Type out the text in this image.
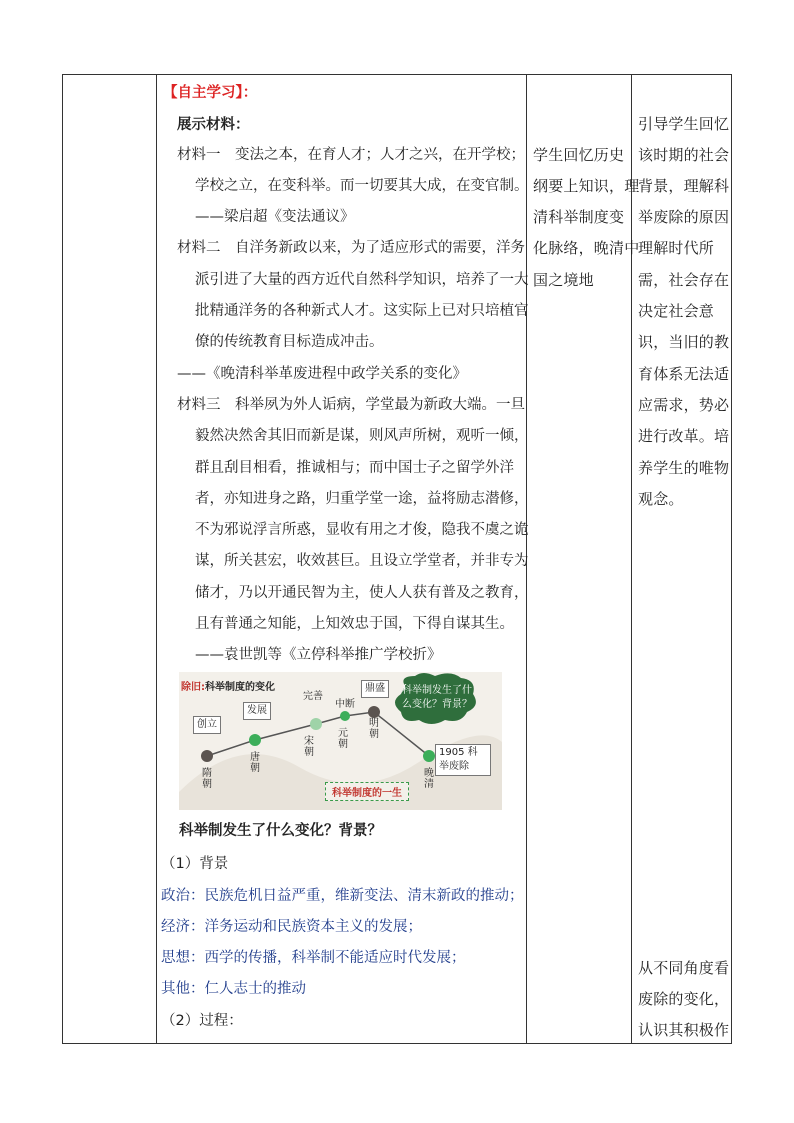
【自主学习】：
展示材料：
材料一　变法之本，在育人才；人才之兴，在开学校；
学校之立，在变科举。而一切要其大成，在变官制。
——梁启超《变法通议》
材料二　自洋务新政以来，为了适应形式的需要，洋务
派引进了大量的西方近代自然科学知识，培养了一大
批精通洋务的各种新式人才。这实际上已对只培植官
僚的传统教育目标造成冲击。
——《晚清科举革废进程中政学关系的变化》
材料三　科举夙为外人诟病，学堂最为新政大端。一旦
毅然决然舍其旧而新是谋，则风声所树，观听一倾，
群且刮目相看，推诚相与；而中国士子之留学外洋
者，亦知进身之路，归重学堂一途，益将励志潜修，
不为邪说浮言所惑，显收有用之才俊，隐我不虞之诡
谋，所关甚宏，收效甚巨。且设立学堂者，并非专为
储才，乃以开通民智为主，使人人获有普及之教育，
且有普通之知能，上知效忠于国，下得自谋其生。
——袁世凯等《立停科举推广学校折》
除旧:科举制度的变化
创立
发展
完善
中断
鼎盛
隋朝
唐朝
宋朝
元朝
明朝
晚清
1905 科举废除
科举制发生了什么变化？背景？
科举制度的一生
科举制发生了什么变化？背景？
（1）背景
政治：民族危机日益严重，维新变法、清末新政的推动；
经济：洋务运动和民族资本主义的发展；
思想：西学的传播，科举制不能适应时代发展；
其他：仁人志士的推动
（2）过程：
学生回忆历史
纲要上知识，理
清科举制度变
化脉络，晚清中
国之境地
引导学生回忆
该时期的社会
背景，理解科
举废除的原因
理解时代所
需，社会存在
决定社会意
识，当旧的教
育体系无法适
应需求，势必
进行改革。培
养学生的唯物
观念。
从不同角度看
废除的变化，
认识其积极作
